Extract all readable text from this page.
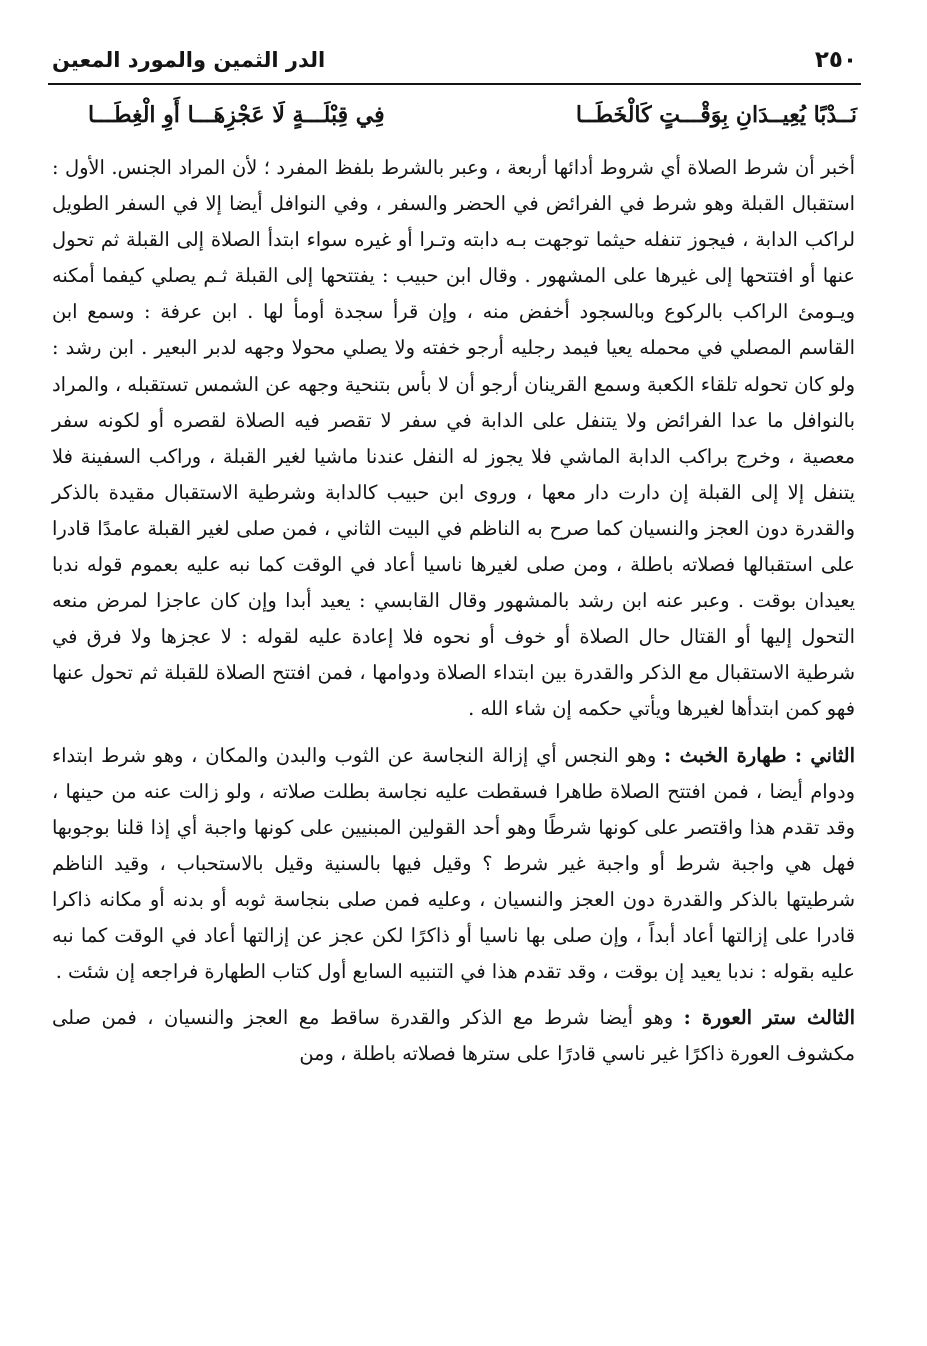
٢٥٠
الدر الثمين والمورد المعين
نَــدْبًا يُعِيــدَانِ بِوَقْـــتٍ كَالْخَطَــا
فِي قِبْلَـــةٍ لَا عَجْزِهَـــا أَوِ الْغِطَـــا

أخبر أن شرط الصلاة أي شروط أدائها أربعة ، وعبر بالشرط بلفظ المفرد ؛ لأن المراد الجنس. الأول : استقبال القبلة وهو شرط في الفرائض في الحضر والسفر ، وفي النوافل أيضا إلا في السفر الطويل لراكب الدابة ، فيجوز تنفله حيثما توجهت بـه دابته وتـرا أو غيره سواء ابتدأ الصلاة إلى القبلة ثم تحول عنها أو افتتحها إلى غيرها على المشهور . وقال ابن حبيب : يفتتحها إلى القبلة ثـم يصلي كيفما أمكنه ويـومئ الراكب بالركوع وبالسجود أخفض منه ، وإن قرأ سجدة أومأ لها . ابن عرفة : وسمع ابن القاسم المصلي في محمله يعيا فيمد رجليه أرجو خفته ولا يصلي محولا وجهه لدبر البعير . ابن رشد : ولو كان تحوله تلقاء الكعبة وسمع القرينان أرجو أن لا بأس بتنحية وجهه عن الشمس تستقبله ، والمراد بالنوافل ما عدا الفرائض ولا يتنفل على الدابة في سفر لا تقصر فيه الصلاة لقصره أو لكونه سفر معصية ، وخرج براكب الدابة الماشي فلا يجوز له النفل عندنا ماشيا لغير القبلة ، وراكب السفينة فلا يتنفل إلا إلى القبلة إن دارت دار معها ، وروى ابن حبيب كالدابة وشرطية الاستقبال مقيدة بالذكر والقدرة دون العجز والنسيان كما صرح به الناظم في البيت الثاني ، فمن صلى لغير القبلة عامدًا قادرا على استقبالها فصلاته باطلة ، ومن صلى لغيرها ناسيا أعاد في الوقت كما نبه عليه بعموم قوله ندبا يعيدان بوقت . وعبر عنه ابن رشد بالمشهور وقال القابسي : يعيد أبدا وإن كان عاجزا لمرض منعه التحول إليها أو القتال حال الصلاة أو خوف أو نحوه فلا إعادة عليه لقوله : لا عجزها ولا فرق في شرطية الاستقبال مع الذكر والقدرة بين ابتداء الصلاة ودوامها ، فمن افتتح الصلاة للقبلة ثم تحول عنها فهو كمن ابتدأها لغيرها ويأتي حكمه إن شاء الله .

الثاني : طهارة الخبث : وهو النجس أي إزالة النجاسة عن الثوب والبدن والمكان ، وهو شرط ابتداء ودوام أيضا ، فمن افتتح الصلاة طاهرا فسقطت عليه نجاسة بطلت صلاته ، ولو زالت عنه من حينها ، وقد تقدم هذا واقتصر على كونها شرطًا وهو أحد القولين المبنيين على كونها واجبة أي إذا قلنا بوجوبها فهل هي واجبة شرط أو واجبة غير شرط ؟ وقيل فيها بالسنية وقيل بالاستحباب ، وقيد الناظم شرطيتها بالذكر والقدرة دون العجز والنسيان ، وعليه فمن صلى بنجاسة ثوبه أو بدنه أو مكانه ذاكرا قادرا على إزالتها أعاد أبداً ، وإن صلى بها ناسيا أو ذاكرًا لكن عجز عن إزالتها أعاد في الوقت كما نبه عليه بقوله : ندبا يعيد إن بوقت ، وقد تقدم هذا في التنبيه السابع أول كتاب الطهارة فراجعه إن شئت .

الثالث ستر العورة : وهو أيضا شرط مع الذكر والقدرة ساقط مع العجز والنسيان ، فمن صلى مكشوف العورة ذاكرًا غير ناسي قادرًا على سترها فصلاته باطلة ، ومن
